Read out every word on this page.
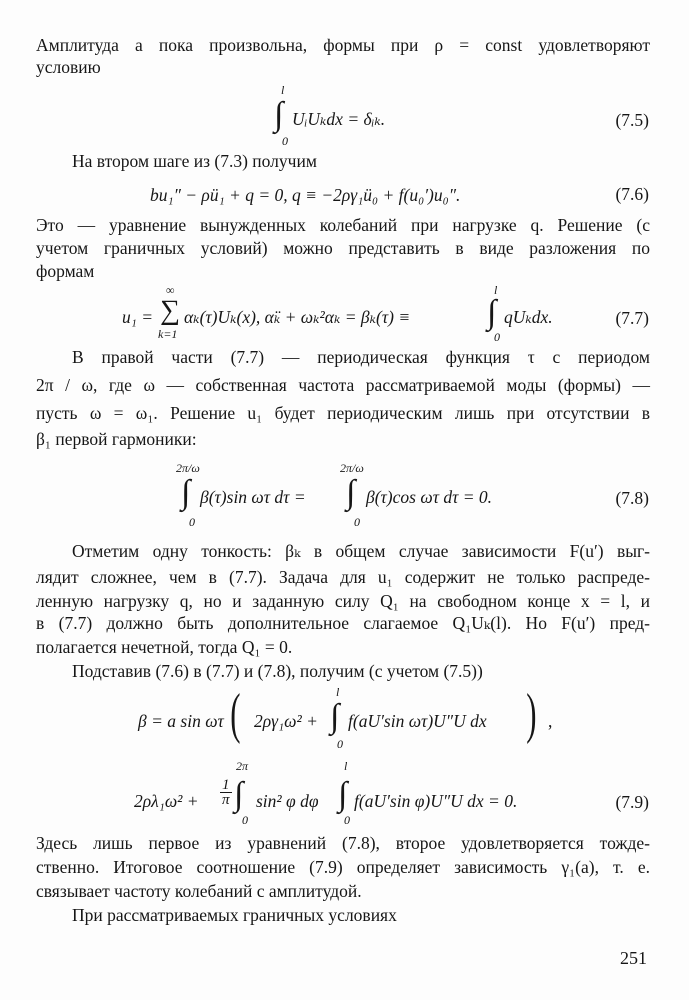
Амплитуда a пока произвольна, формы при ρ = const удовлетворяют
условию
l
∫
0
UᵢUₖdx = δᵢₖ.	(7.5)
На втором шаге из (7.3) получим
bu₁″ − ρü₁ + q = 0, q ≡ −2ργ₁ü₀ + f(u₀′)u₀″.	(7.6)
Это — уравнение вынужденных колебаний при нагрузке q. Решение (с
учетом граничных условий) можно представить в виде разложения по
формам
u₁ =
∞
∑
k=1
αₖ(τ)Uₖ(x), α̈ₖ + ωₖ²αₖ = βₖ(τ) ≡
l
∫
0
qUₖdx.	(7.7)
В правой части (7.7) — периодическая функция τ с периодом
2π / ω, где ω — собственная частота рассматриваемой моды (формы) —
пусть ω = ω₁. Решение u₁ будет периодическим лишь при отсутствии в
β₁ первой гармоники:
2π/ω
∫
0
β(τ)sin ωτ dτ =
2π/ω
∫
0
β(τ)cos ωτ dτ = 0.	(7.8)
Отметим одну тонкость: βₖ в общем случае зависимости F(u′) выг-
лядит сложнее, чем в (7.7). Задача для u₁ содержит не только распреде-
ленную нагрузку q, но и заданную силу Q₁ на свободном конце x = l, и
в (7.7) должно быть дополнительное слагаемое Q₁Uₖ(l). Но F(u′) пред-
полагается нечетной, тогда Q₁ = 0.
Подставив (7.6) в (7.7) и (7.8), получим (с учетом (7.5))
β = a sin ωτ ( 2ργ₁ω² +
l
∫
0
f(aU′sin ωτ)U″U dx ) ,
$2\rho\lambda_1\omega^2 + \frac{1}{\pi}$
2π
∫
0
sin² φ dφ
l
∫
0
f(aU′sin φ)U″U dx = 0.	(7.9)
Здесь лишь первое из уравнений (7.8), второе удовлетворяется тожде-
ственно. Итоговое соотношение (7.9) определяет зависимость γ₁(a), т. е.
связывает частоту колебаний с амплитудой.
При рассматриваемых граничных условиях
251
